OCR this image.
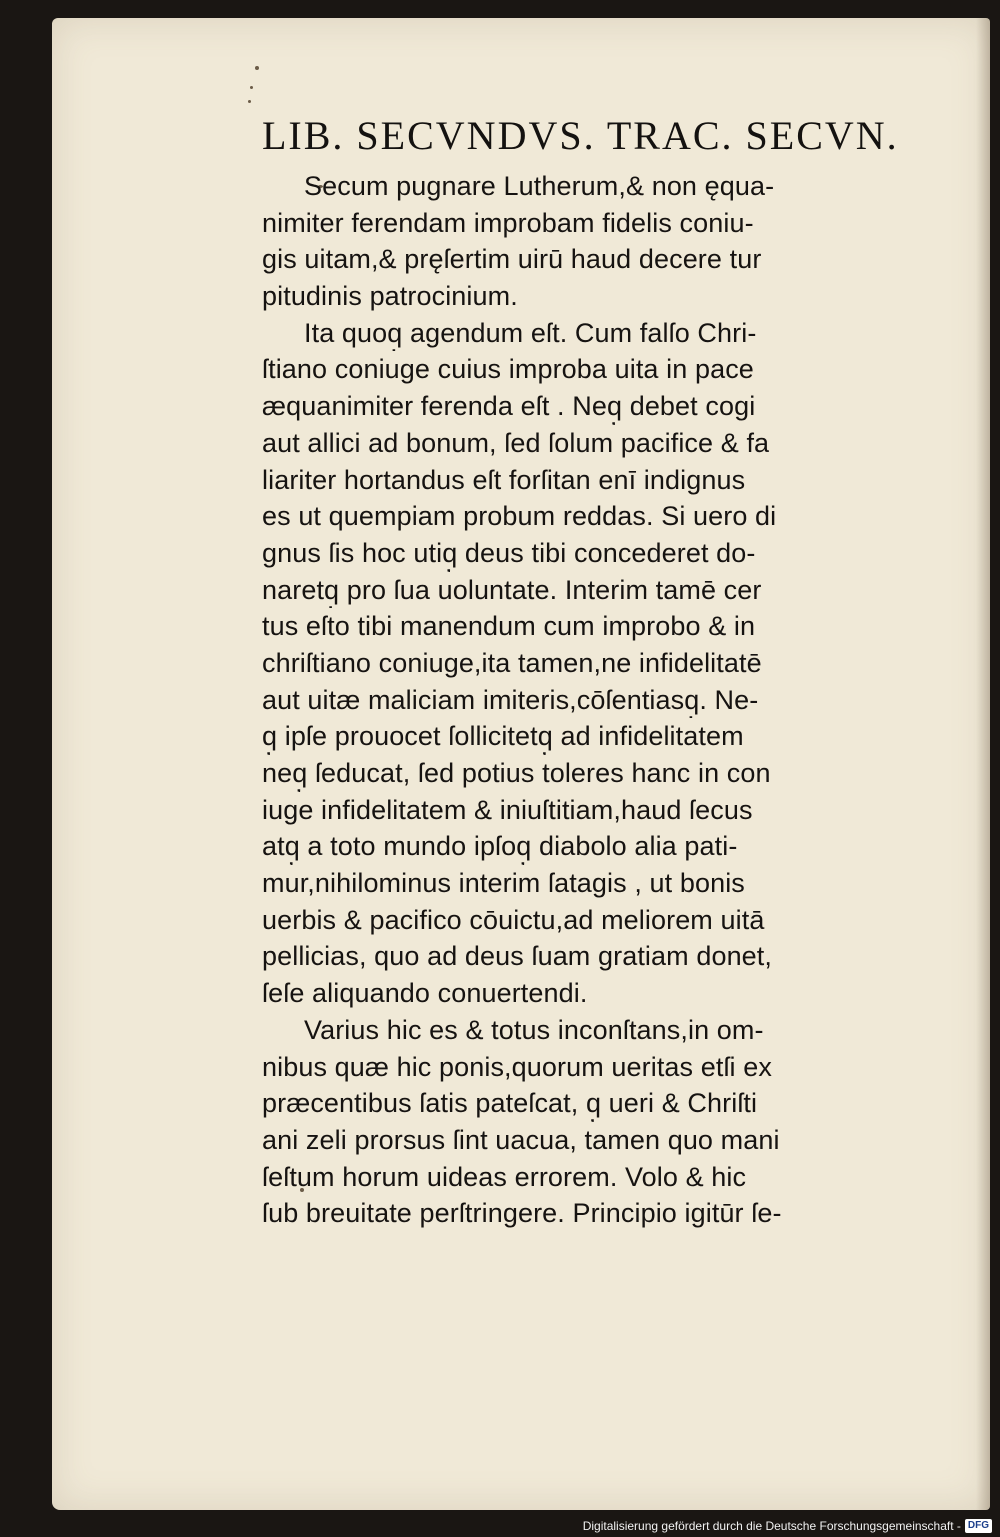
LIB. SECVNDVS. TRAC. SECVN.
Secum pugnare Lutherum,& non ęqua-
nimiter ferendam improbam fidelis coniu-
gis uitam,& pręſertim uirū haud decere tur
pitudinis patrocinium.
Ita quoq̦ agendum eſt. Cum falſo Chri-
ſtiano coniuge cuius improba uita in pace
æquanimiter ferenda eſt . Neq̦ debet cogi
aut allici ad bonum, ſed ſolum pacifice & fa
liariter hortandus eſt forſitan enī indignus
es ut quempiam probum reddas. Si uero di
gnus ſis hoc utiq̦ deus tibi concederet do-
naretq̦ pro ſua uoluntate. Interim tamē cer
tus eſto tibi manendum cum improbo & in
chriſtiano coniuge,ita tamen,ne infidelitatē
aut uitæ maliciam imiteris,cōſentiasq̦. Ne-
q̦ ipſe prouocet ſollicitetq̦ ad infidelitatem
neq̦ ſeducat, ſed potius toleres hanc in con
iuge infidelitatem & iniuſtitiam,haud ſecus
atq̦ a toto mundo ipſoq̦ diabolo alia pati-
mur,nihilominus interim ſatagis , ut bonis
uerbis & pacifico cōuictu,ad meliorem uitā
pellicias, quo ad deus ſuam gratiam donet,
ſeſe aliquando conuertendi.
Varius hic es & totus inconſtans,in om-
nibus quæ hic ponis,quorum ueritas etſi ex
præcentibus ſatis pateſcat, q̦ ueri & Chriſti
ani zeli prorsus ſint uacua, tamen quo mani
ſeſtum horum uideas errorem. Volo & hic
ſub breuitate perſtringere. Principio igitūr ſe-
Digitalisierung gefördert durch die Deutsche Forschungsgemeinschaft - DFG
